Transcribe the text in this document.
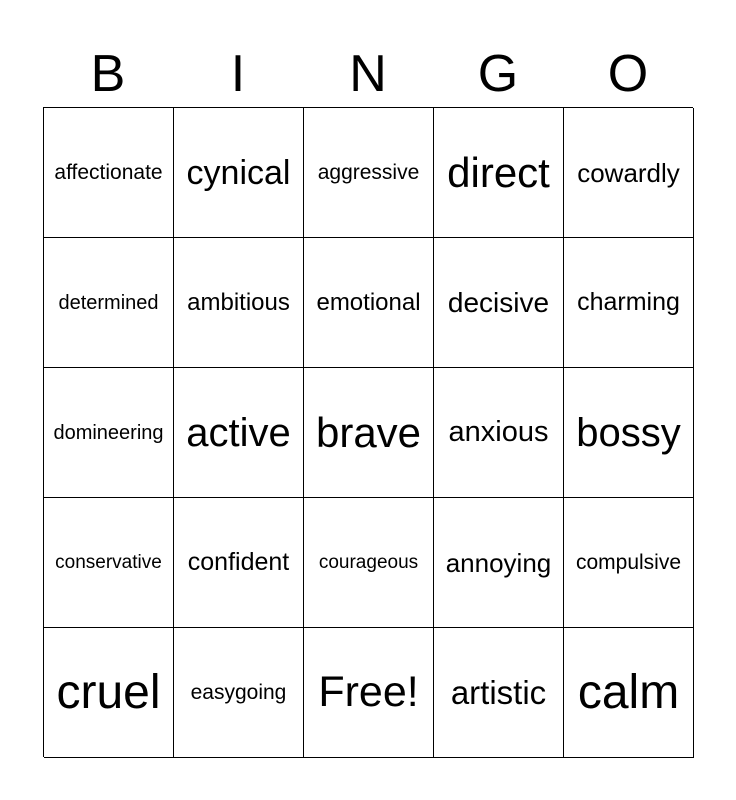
B	I	N	G	O
affectionate cynical aggressive direct cowardly
determined ambitious emotional decisive charming
domineering active brave anxious bossy
conservative confident courageous annoying compulsive
cruel easygoing Free! artistic calm
